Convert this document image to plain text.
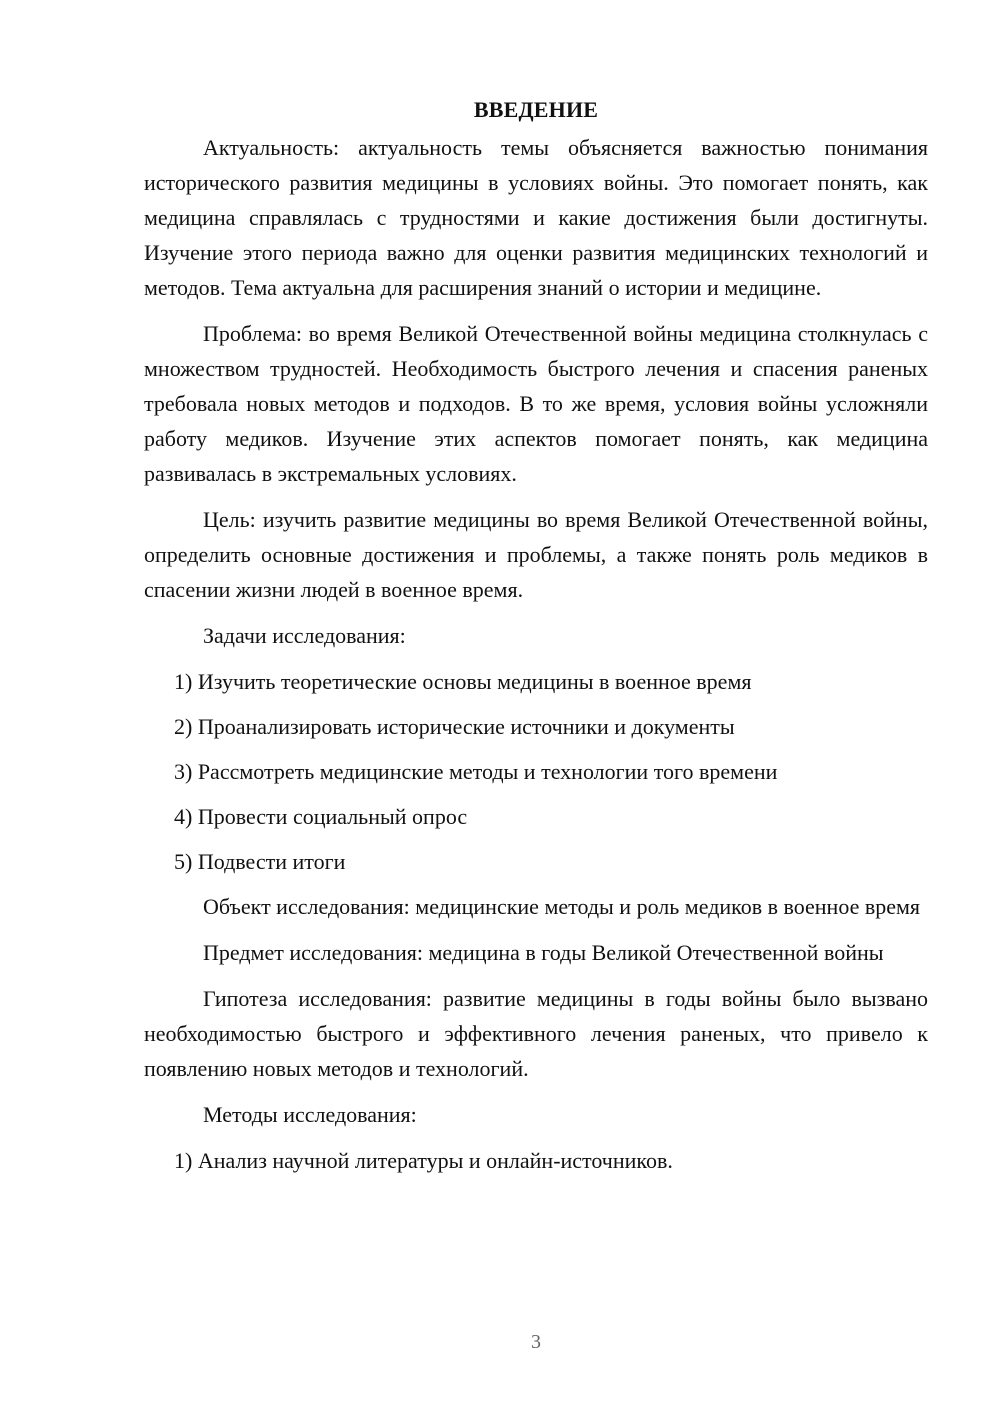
ВВЕДЕНИЕ

Актуальность: актуальность темы объясняется важностью понимания исторического развития медицины в условиях войны. Это помогает понять, как медицина справлялась с трудностями и какие достижения были достигнуты. Изучение этого периода важно для оценки развития медицинских технологий и методов. Тема актуальна для расширения знаний о истории и медицине.

Проблема: во время Великой Отечественной войны медицина столкнулась с множеством трудностей. Необходимость быстрого лечения и спасения раненых требовала новых методов и подходов. В то же время, условия войны усложняли работу медиков. Изучение этих аспектов помогает понять, как медицина развивалась в экстремальных условиях.

Цель: изучить развитие медицины во время Великой Отечественной войны, определить основные достижения и проблемы, а также понять роль медиков в спасении жизни людей в военное время.

Задачи исследования:

1) Изучить теоретические основы медицины в военное время
2) Проанализировать исторические источники и документы
3) Рассмотреть медицинские методы и технологии того времени
4) Провести социальный опрос
5) Подвести итоги

Объект исследования: медицинские методы и роль медиков в военное время

Предмет исследования: медицина в годы Великой Отечественной войны

Гипотеза исследования: развитие медицины в годы войны было вызвано необходимостью быстрого и эффективного лечения раненых, что привело к появлению новых методов и технологий.

Методы исследования:

1) Анализ научной литературы и онлайн-источников.
3
